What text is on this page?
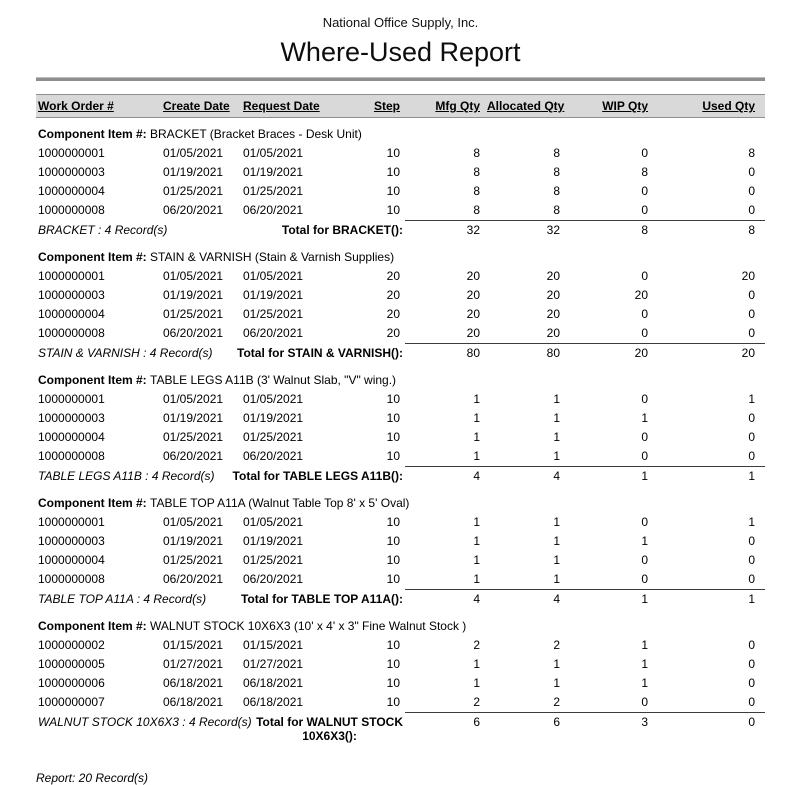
National Office Supply, Inc.
Where-Used Report
Work Order #	Create Date	Request Date	Step	Mfg Qty	Allocated Qty	WIP Qty	Used Qty
Component Item #: BRACKET (Bracket Braces - Desk Unit)							
1000000001	01/05/2021	01/05/2021	10	8	8	0	8
1000000003	01/19/2021	01/19/2021	10	8	8	8	0
1000000004	01/25/2021	01/25/2021	10	8	8	0	0
1000000008	06/20/2021	06/20/2021	10	8	8	0	0
BRACKET : 4 Record(s)	Total for BRACKET():			32	32	8	8
Component Item #: STAIN & VARNISH (Stain & Varnish Supplies)							
1000000001	01/05/2021	01/05/2021	20	20	20	0	20
1000000003	01/19/2021	01/19/2021	20	20	20	20	0
1000000004	01/25/2021	01/25/2021	20	20	20	0	0
1000000008	06/20/2021	06/20/2021	20	20	20	0	0
STAIN & VARNISH : 4 Record(s)	Total for STAIN & VARNISH():			80	80	20	20
Component Item #: TABLE LEGS A11B (3' Walnut Slab, "V" wing.)							
1000000001	01/05/2021	01/05/2021	10	1	1	0	1
1000000003	01/19/2021	01/19/2021	10	1	1	1	0
1000000004	01/25/2021	01/25/2021	10	1	1	0	0
1000000008	06/20/2021	06/20/2021	10	1	1	0	0
TABLE LEGS A11B : 4 Record(s)	Total for TABLE LEGS A11B():			4	4	1	1
Component Item #: TABLE TOP A11A (Walnut Table Top 8' x 5' Oval)							
1000000001	01/05/2021	01/05/2021	10	1	1	0	1
1000000003	01/19/2021	01/19/2021	10	1	1	1	0
1000000004	01/25/2021	01/25/2021	10	1	1	0	0
1000000008	06/20/2021	06/20/2021	10	1	1	0	0
TABLE TOP A11A : 4 Record(s)	Total for TABLE TOP A11A():			4	4	1	1
Component Item #: WALNUT STOCK 10X6X3 (10' x 4' x 3" Fine Walnut Stock )							
1000000002	01/15/2021	01/15/2021	10	2	2	1	0
1000000005	01/27/2021	01/27/2021	10	1	1	1	0
1000000006	06/18/2021	06/18/2021	10	1	1	1	0
1000000007	06/18/2021	06/18/2021	10	2	2	0	0
WALNUT STOCK 10X6X3 : 4 Record(s)	Total for WALNUT STOCK
10X6X3():			6	6	3	0
Report: 20 Record(s)
